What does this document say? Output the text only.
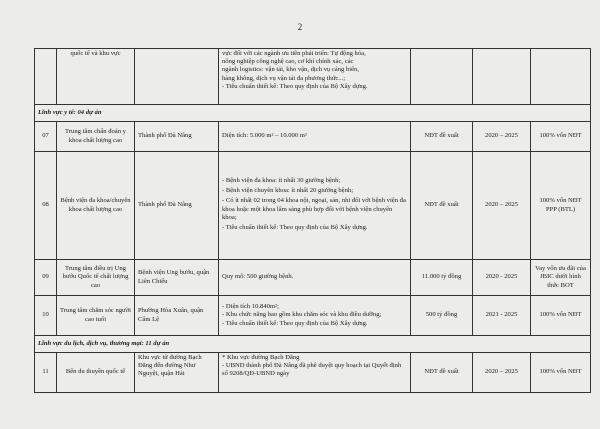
2
	quốc tế và khu vực		vực đối với các ngành ưu tiên phát triển: Tự động hóa,
nông nghiệp công nghệ cao, cơ khí chính xác, các
ngành logistics: vận tải, kho vận, dịch vụ cảng biển,
hàng không, dịch vụ vận tải đa phương thức...;
- Tiêu chuẩn thiết kế: Theo quy định của Bộ Xây dựng.			

Lĩnh vực y tế: 04 dự án						
07	Trung tâm chẩn đoán y khoa chất lượng cao	Thành phố Đà Nẵng	Diện tích: 5.000 m² – 10.000 m²	NĐT đề xuất	2020 – 2025	100% vốn NĐT
08	Bệnh viện đa khoa/chuyên khoa chất lượng cao	Thành phố Đà Nẵng	- Bệnh viện đa khoa: ít nhất 30 giường bệnh;
- Bệnh viện chuyên khoa: ít nhất 20 giường bệnh;
- Có ít nhất 02 trong 04 khoa nội, ngoại, sản, nhi đối với bệnh viện đa khoa hoặc một khoa lâm sàng phù hợp đối với bệnh viện chuyên khoa;
- Tiêu chuẩn thiết kế: Theo quy định của Bộ Xây dựng.	NĐT đề xuất	2020 – 2025	100% vốn NĐT PPP (BTL)
09	Trung tâm điều trị Ung bướu Quốc tế chất lượng cao	Bệnh viện Ung bướu, quận Liên Chiểu	Quy mô: 500 giường bệnh.	11.000 tỷ đồng	2020 - 2025	Vay vốn ưu đãi của JBIC dưới hình thức BOT
10	Trung tâm chăm sóc người cao tuổi	Phường Hòa Xuân, quận Cẩm Lệ	- Diện tích 10.840m²;
- Khu chức năng bao gồm khu chăm sóc và khu điều dưỡng;
- Tiêu chuẩn thiết kế: Theo quy định của Bộ Xây dựng.	500 tỷ đồng	2021 - 2025	100% vốn NĐT
Lĩnh vực du lịch, dịch vụ, thương mại: 11 dự án						
11	Bến du thuyền quốc tế	Khu vực từ đường Bạch Đằng đến đường Như Nguyệt, quận Hải	* Khu vực đường Bạch Đằng
- UBND thành phố Đà Nẵng đã phê duyệt quy hoạch tại Quyết định số 9208/QĐ-UBND ngày	NĐT đề xuất	2020 – 2025	100% vốn NĐT
